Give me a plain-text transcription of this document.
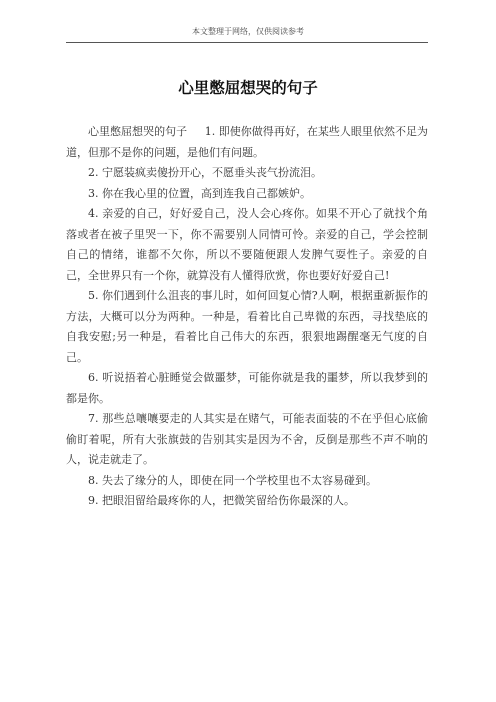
本文整理于网络，仅供阅读参考
心里憋屈想哭的句子

心里憋屈想哭的句子 1. 即使你做得再好，在某些人眼里依然不足为道，但那不是你的问题，是他们有问题。

2. 宁愿装疯卖傻扮开心，不愿垂头丧气扮流泪。

3. 你在我心里的位置，高到连我自己都嫉妒。

4. 亲爱的自己，好好爱自己，没人会心疼你。如果不开心了就找个角落或者在被子里哭一下，你不需要别人同情可怜。亲爱的自己，学会控制自己的情绪，谁都不欠你，所以不要随便跟人发脾气耍性子。亲爱的自己，全世界只有一个你，就算没有人懂得欣赏，你也要好好爱自己!

5. 你们遇到什么沮丧的事儿时，如何回复心情?人啊，根据重新振作的方法，大概可以分为两种。一种是，看着比自己卑微的东西，寻找垫底的自我安慰;另一种是，看着比自己伟大的东西，狠狠地踢醒毫无气度的自己。

6. 听说捂着心脏睡觉会做噩梦，可能你就是我的噩梦，所以我梦到的都是你。

7. 那些总嚷嚷要走的人其实是在赌气，可能表面装的不在乎但心底偷偷盯着呢，所有大张旗鼓的告别其实是因为不舍，反倒是那些不声不响的人，说走就走了。

8. 失去了缘分的人，即使在同一个学校里也不太容易碰到。

9. 把眼泪留给最疼你的人，把微笑留给伤你最深的人。
